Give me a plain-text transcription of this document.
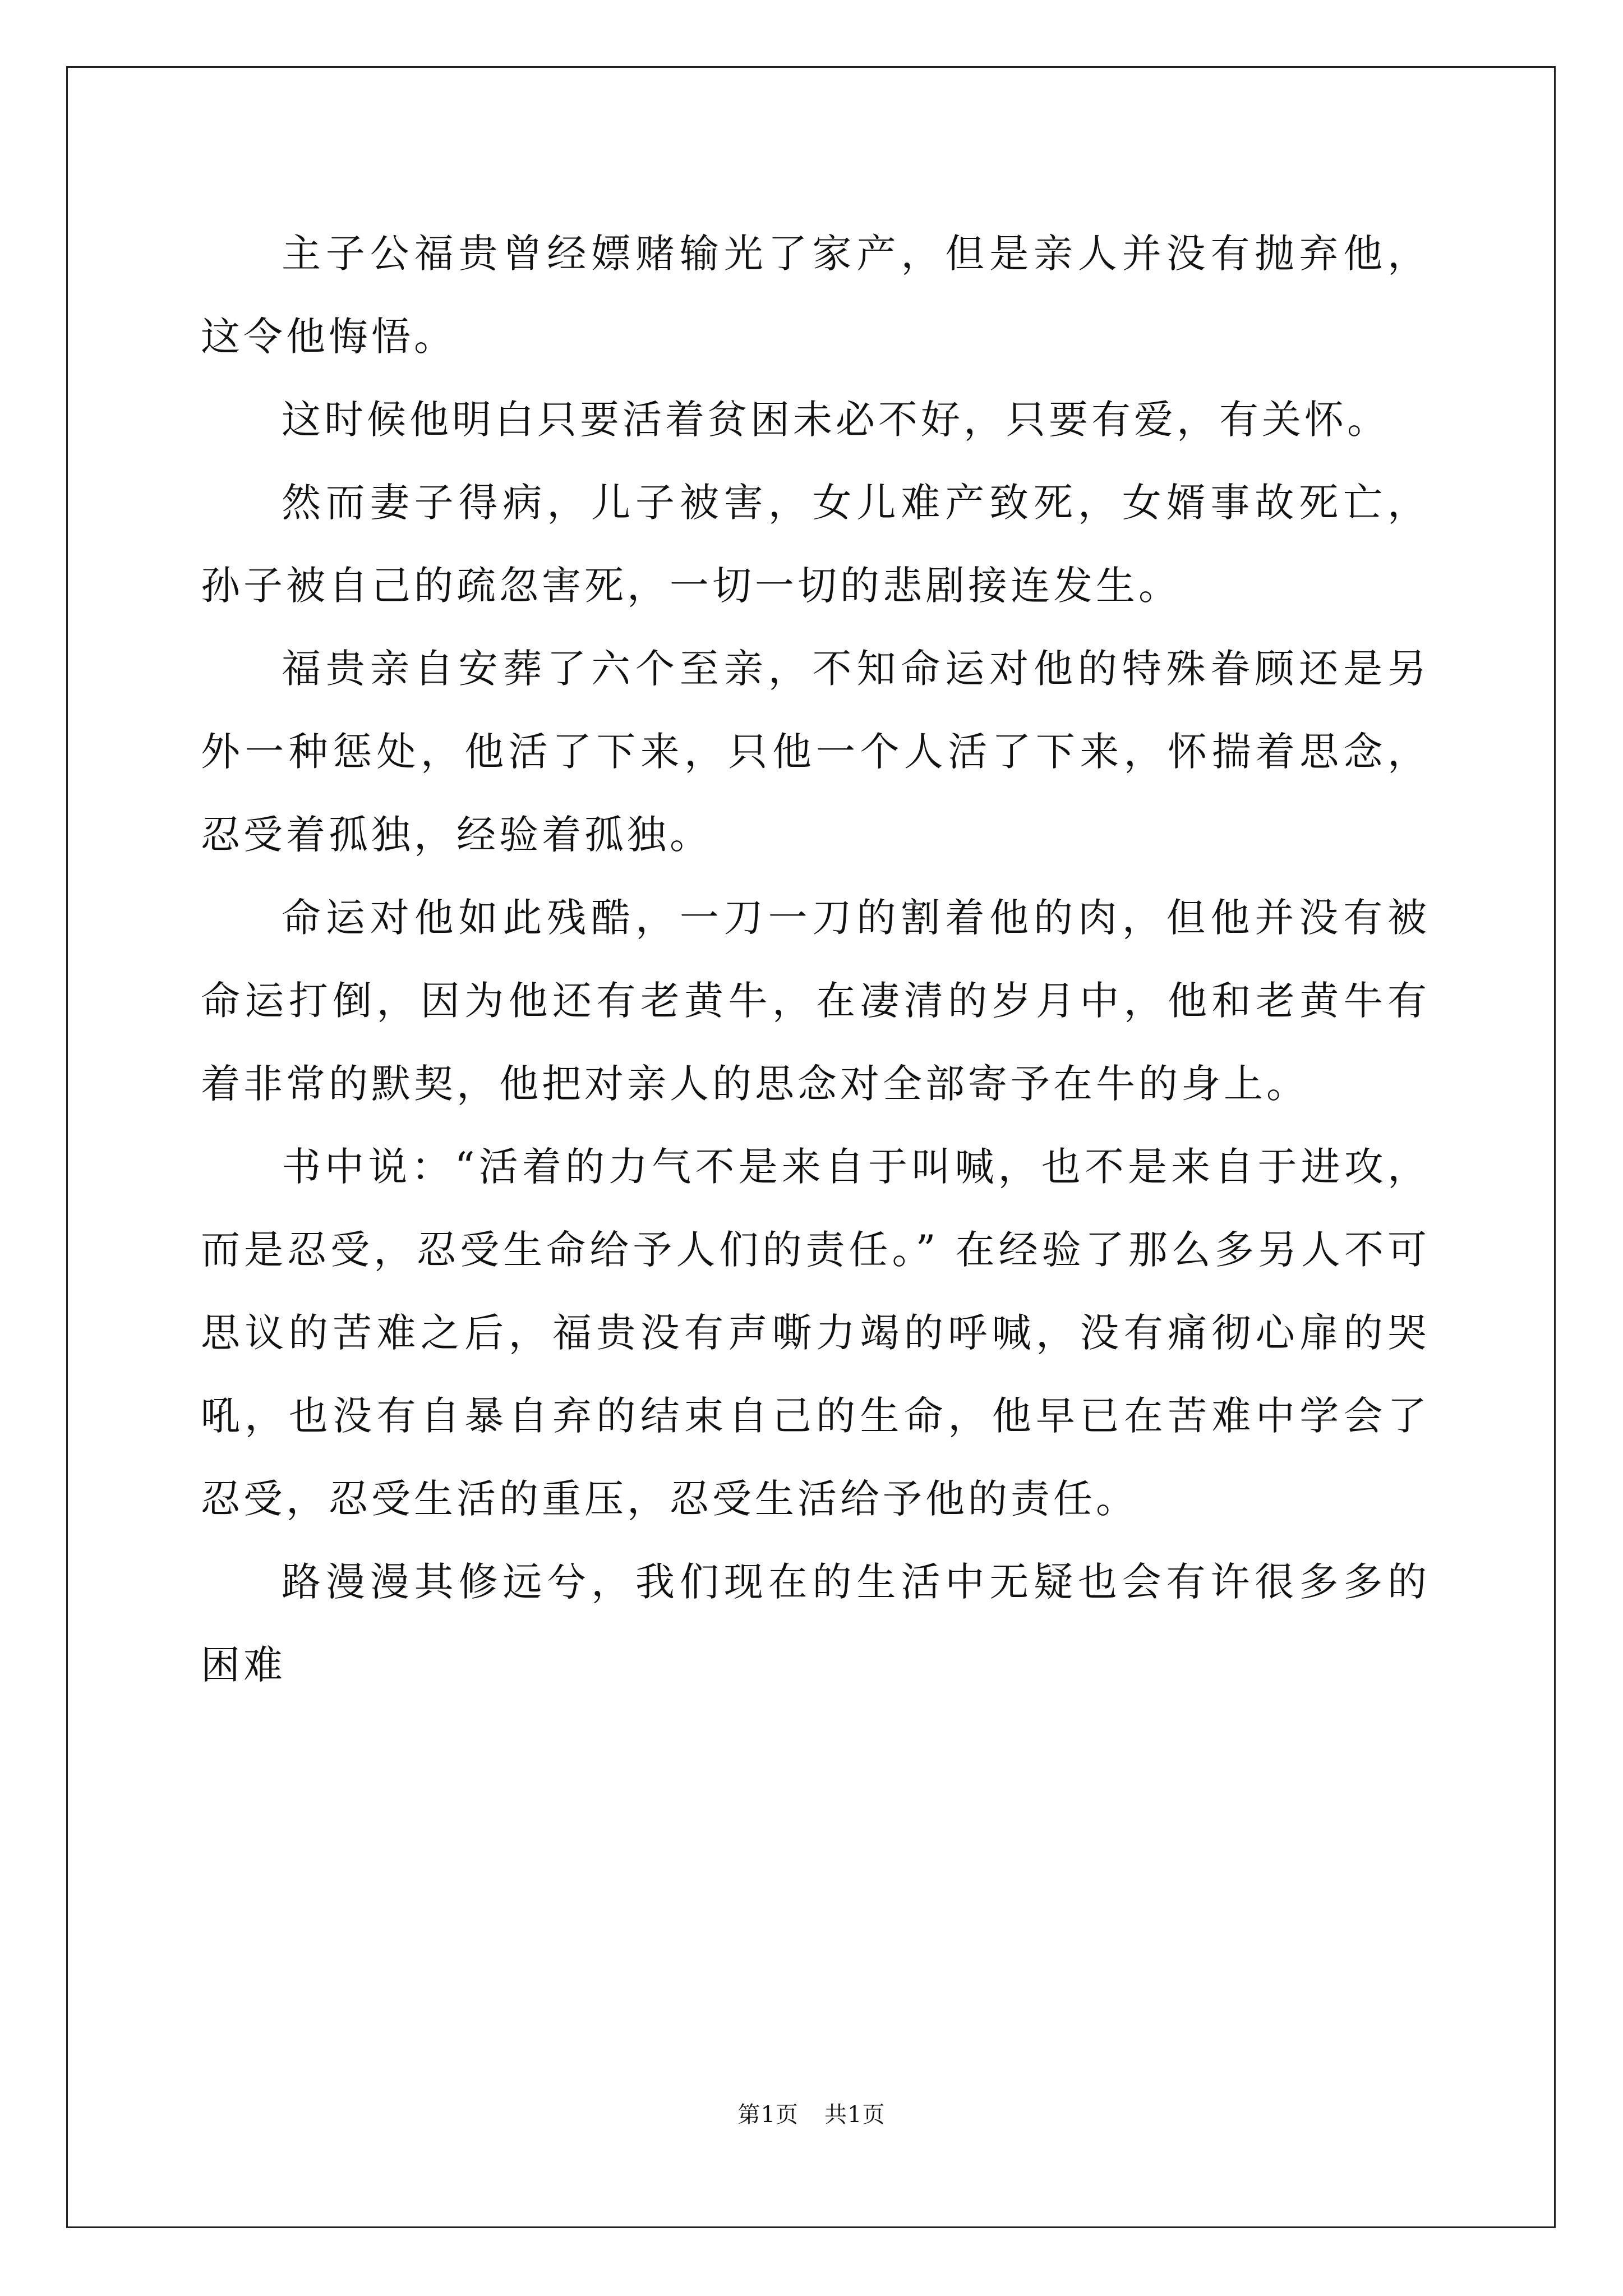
主子公福贵曾经嫖赌输光了家产，但是亲人并没有抛弃他，这令他悔悟。

这时候他明白只要活着贫困未必不好，只要有爱，有关怀。

然而妻子得病，儿子被害，女儿难产致死，女婿事故死亡，孙子被自己的疏忽害死，一切一切的悲剧接连发生。

福贵亲自安葬了六个至亲，不知命运对他的特殊眷顾还是另外一种惩处，他活了下来，只他一个人活了下来，怀揣着思念，忍受着孤独，经验着孤独。

命运对他如此残酷，一刀一刀的割着他的肉，但他并没有被命运打倒，因为他还有老黄牛，在凄清的岁月中，他和老黄牛有着非常的默契，他把对亲人的思念对全部寄予在牛的身上。

书中说：“活着的力气不是来自于叫喊，也不是来自于进攻，而是忍受，忍受生命给予人们的责任。” 在经验了那么多另人不可思议的苦难之后，福贵没有声嘶力竭的呼喊，没有痛彻心扉的哭吼，也没有自暴自弃的结束自己的生命，他早已在苦难中学会了忍受，忍受生活的重压，忍受生活给予他的责任。

路漫漫其修远兮，我们现在的生活中无疑也会有许很多多的困难

第1页 共1页
